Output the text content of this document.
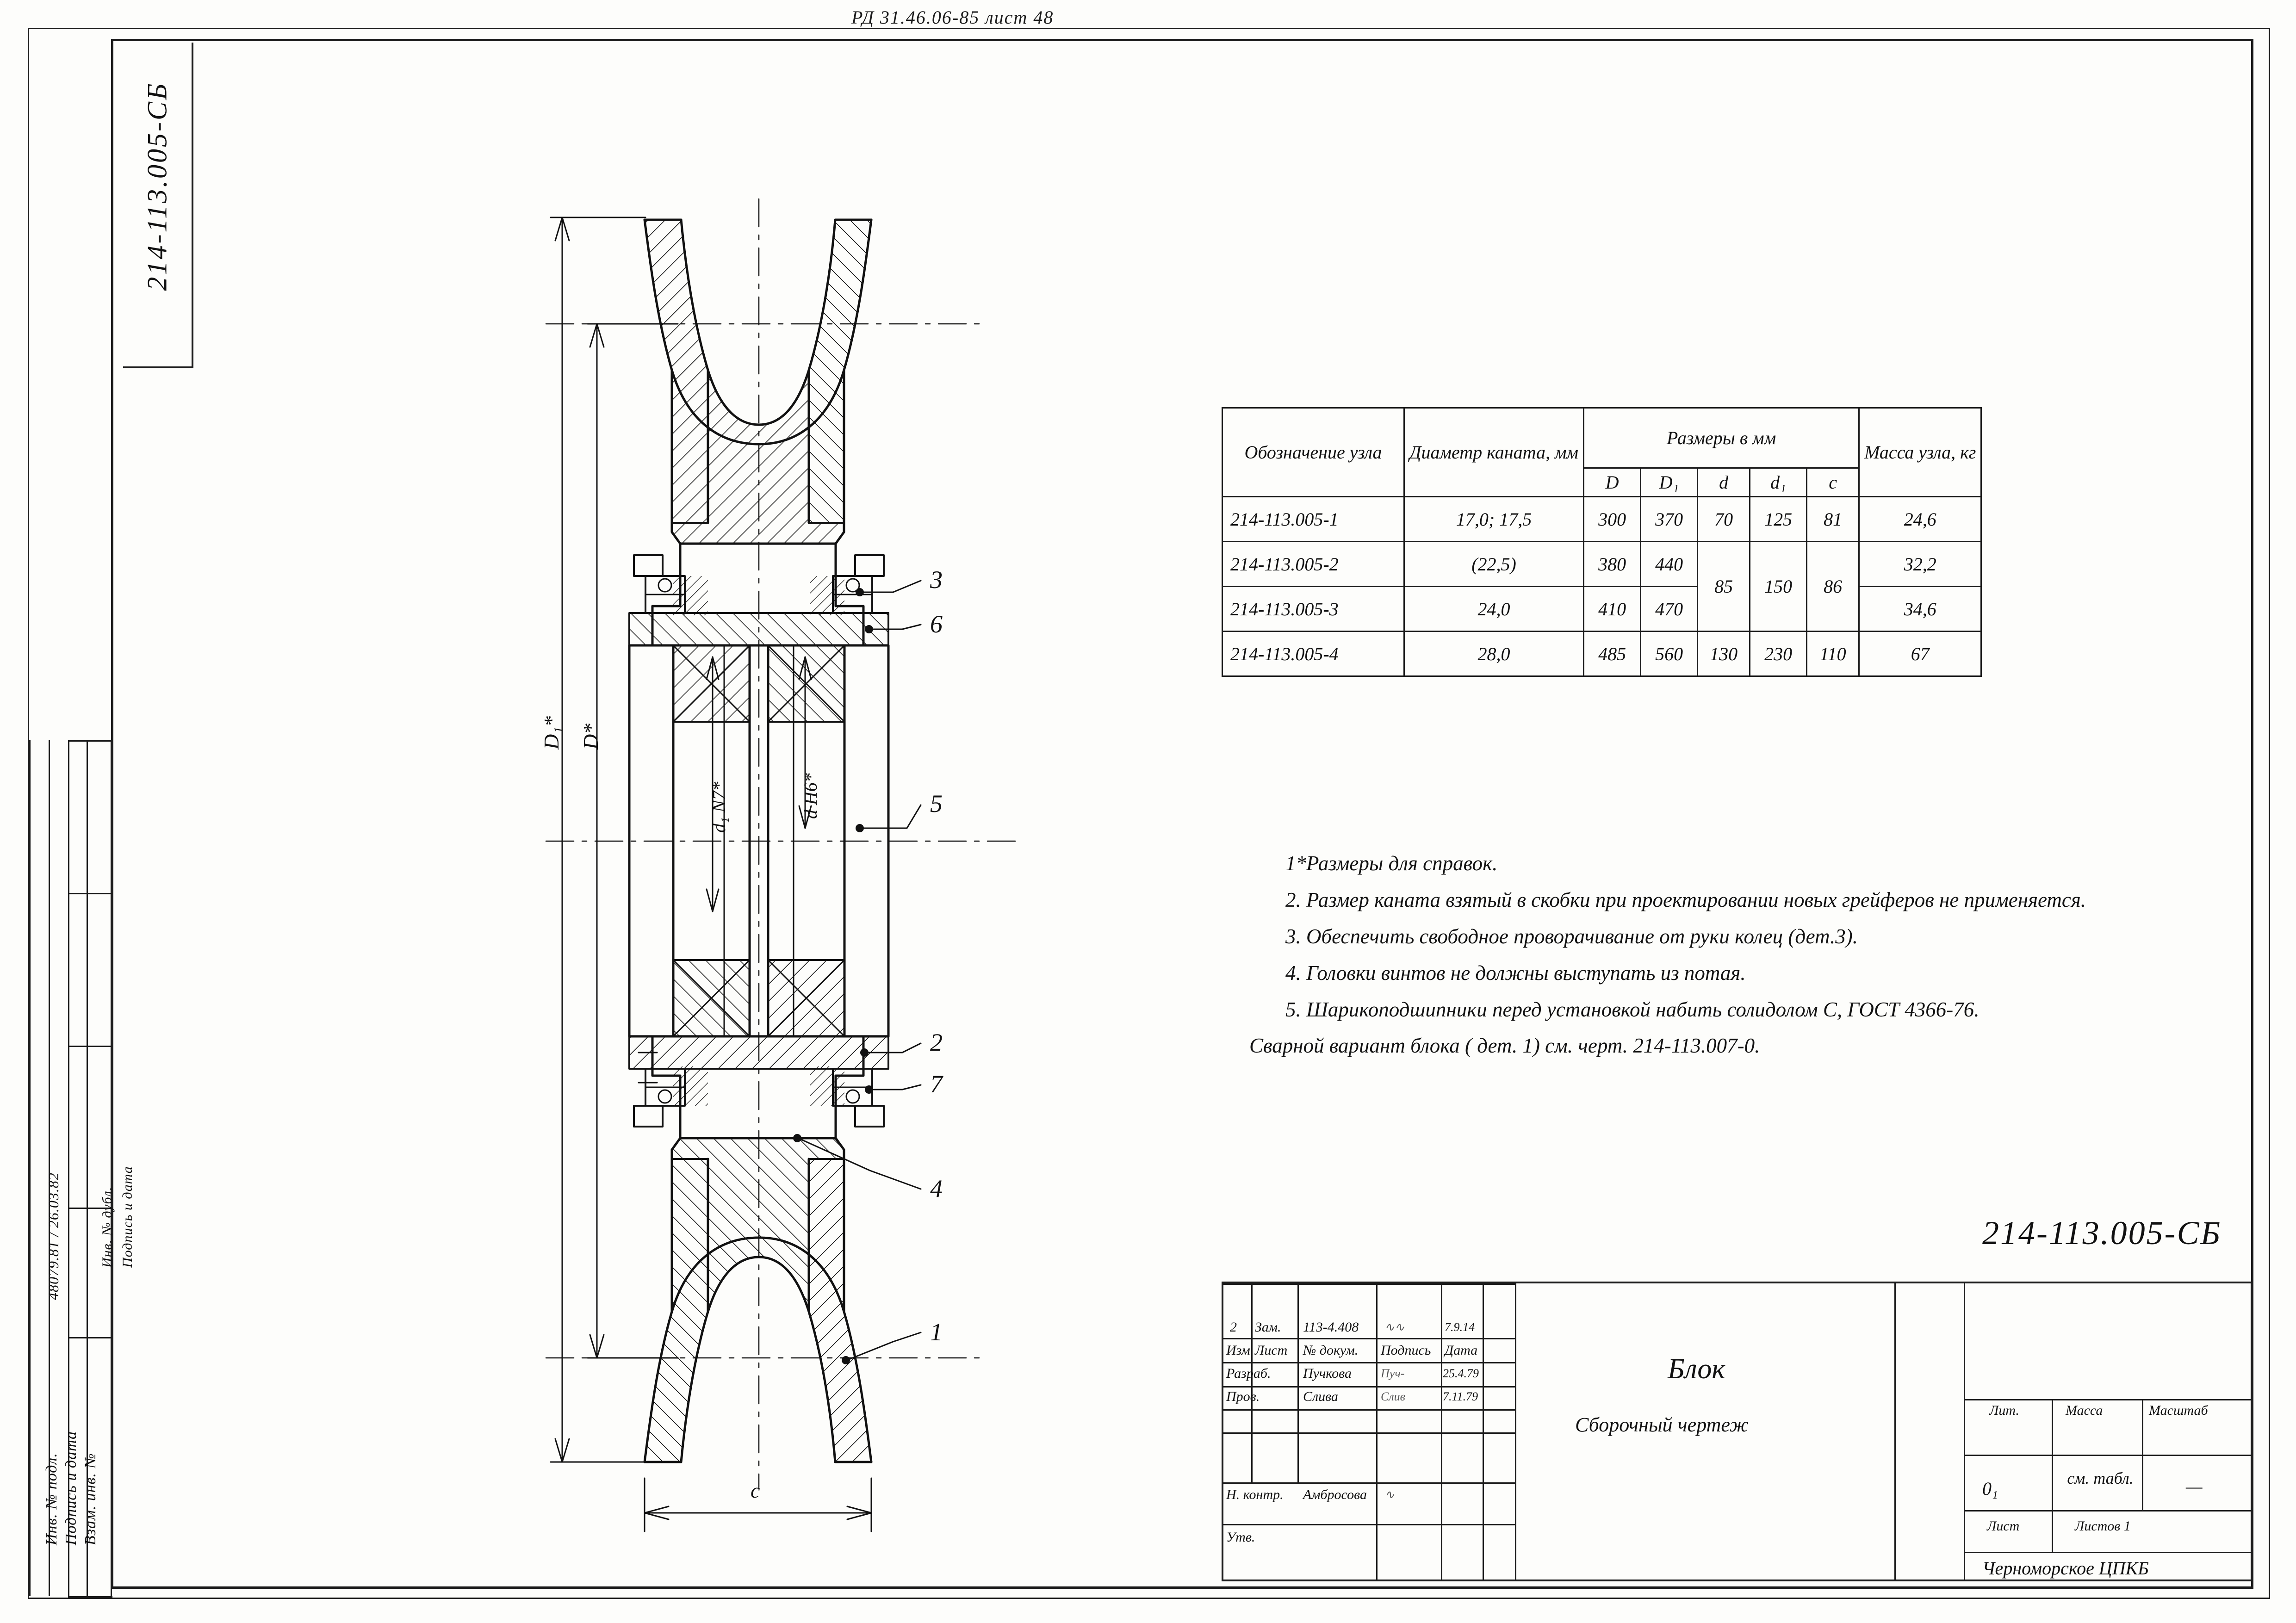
РД 31.46.06-85 лист 48
214-113.005-СБ
Инв. № подл. Подпись и дата Взам. инв. №
Инв. № дубл. Подпись и дата
48079.81 / 26.03.82
Обозначение узла	Диаметр каната, мм	Размеры в мм					Масса узла, кг
		D	D₁	d	d₁	c	
214-113.005-1	17,0; 17,5	300	370	70	125	81	24,6
214-113.005-2	(22,5)	380	440	85	150	86	32,2
214-113.005-3	24,0	410	470				34,6
214-113.005-4	28,0	485	560	130	230	110	67

1*Размеры для справок.

2. Размер каната взятый в скобки при проектировании новых грейферов не применяется.

3. Обеспечить свободное проворачивание от руки колец (дет.3).

4. Головки винтов не должны выступать из потая.

5. Шарикоподшипники перед установкой набить солидолом С, ГОСТ 4366-76.

Сварной вариант блока ( дет. 1) см. черт. 214-113.007-0.

214-113.005-СБ
Блок
Сборочный чертеж
Лит.	Масса	Масштаб
0₁	см. табл.	—
Лист	Листов 1
Черноморское ЦПКБ
Изм Лист № докум. Подпись Дата
2 Зам. 113-4.408 ∿∿	7.9.14
Разраб. Пучкова Пуч-	25.4.79
Пров.	Слива	Слив	7.11.79
Н. контр. Амбросова ∿
Утв.
3
6
5
2
7
4
1
D₁* D*
d₁ N7*	d H6*
c
